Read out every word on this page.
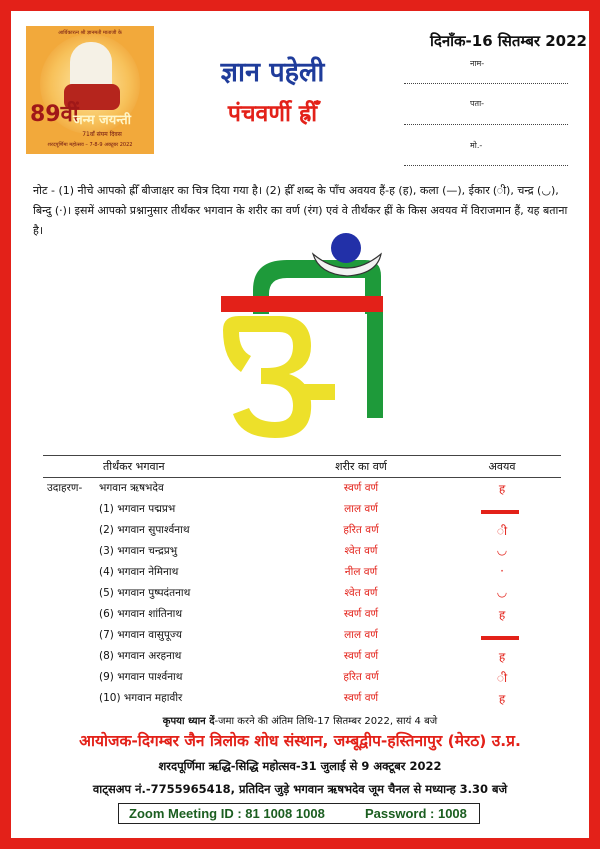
आर्यिकारत्न श्री ज्ञानमती माताजी के
89वीं
जन्म जयन्ती
71वाँ संयम दिवस
शरदपूर्णिमा महोत्सव – 7-8-9 अक्टूबर 2022
ज्ञान पहेली
पंचवर्णी ह्रीँ
दिनाँक-16 सितम्बर 2022
नाम-
पता-
मो.-
नोट - (1) नीचे आपको ह्रीँ बीजाक्षर का चित्र दिया गया है। (2) ह्रीँ शब्द के पाँच अवयव हैं-ह (ह), कला (—), ईकार (ी), चन्द्र (◡), बिन्दु (·)। इसमें आपको प्रश्नानुसार तीर्थंकर भगवान के शरीर का वर्ण (रंग) एवं वे तीर्थंकर ह्रीं के किस अवयव में विराजमान हैं, यह बताना है।
तीर्थंकर भगवान	शरीर का वर्ण	अवयव
उदाहरण- भगवान ऋषभदेव	स्वर्ण वर्ण	ह
(1) भगवान पद्मप्रभ	लाल वर्ण
(2) भगवान सुपार्श्वनाथ	हरित वर्ण	ी
(3) भगवान चन्द्रप्रभु	श्वेत वर्ण	◡
(4) भगवान नेमिनाथ	नील वर्ण	·
(5) भगवान पुष्पदंतनाथ	श्वेत वर्ण	◡
(6) भगवान शांतिनाथ	स्वर्ण वर्ण	ह
(7) भगवान वासुपूज्य	लाल वर्ण
(8) भगवान अरहनाथ	स्वर्ण वर्ण	ह
(9) भगवान पार्श्वनाथ	हरित वर्ण	ी
(10) भगवान महावीर	स्वर्ण वर्ण	ह
कृपया ध्यान दें-जमा करने की अंतिम तिथि-17 सितम्बर 2022, सायं 4 बजे
आयोजक-दिगम्बर जैन त्रिलोक शोध संस्थान, जम्बूद्वीप-हस्तिनापुर (मेरठ) उ.प्र.
शरदपूर्णिमा ऋद्धि-सिद्धि महोत्सव-31 जुलाई से 9 अक्टूबर 2022
वाट्सअप नं.-7755965418, प्रतिदिन जुड़े भगवान ऋषभदेव जूम चैनल से मध्यान्ह 3.30 बजे
Zoom Meeting ID : 81 1008 1008	Password : 1008
